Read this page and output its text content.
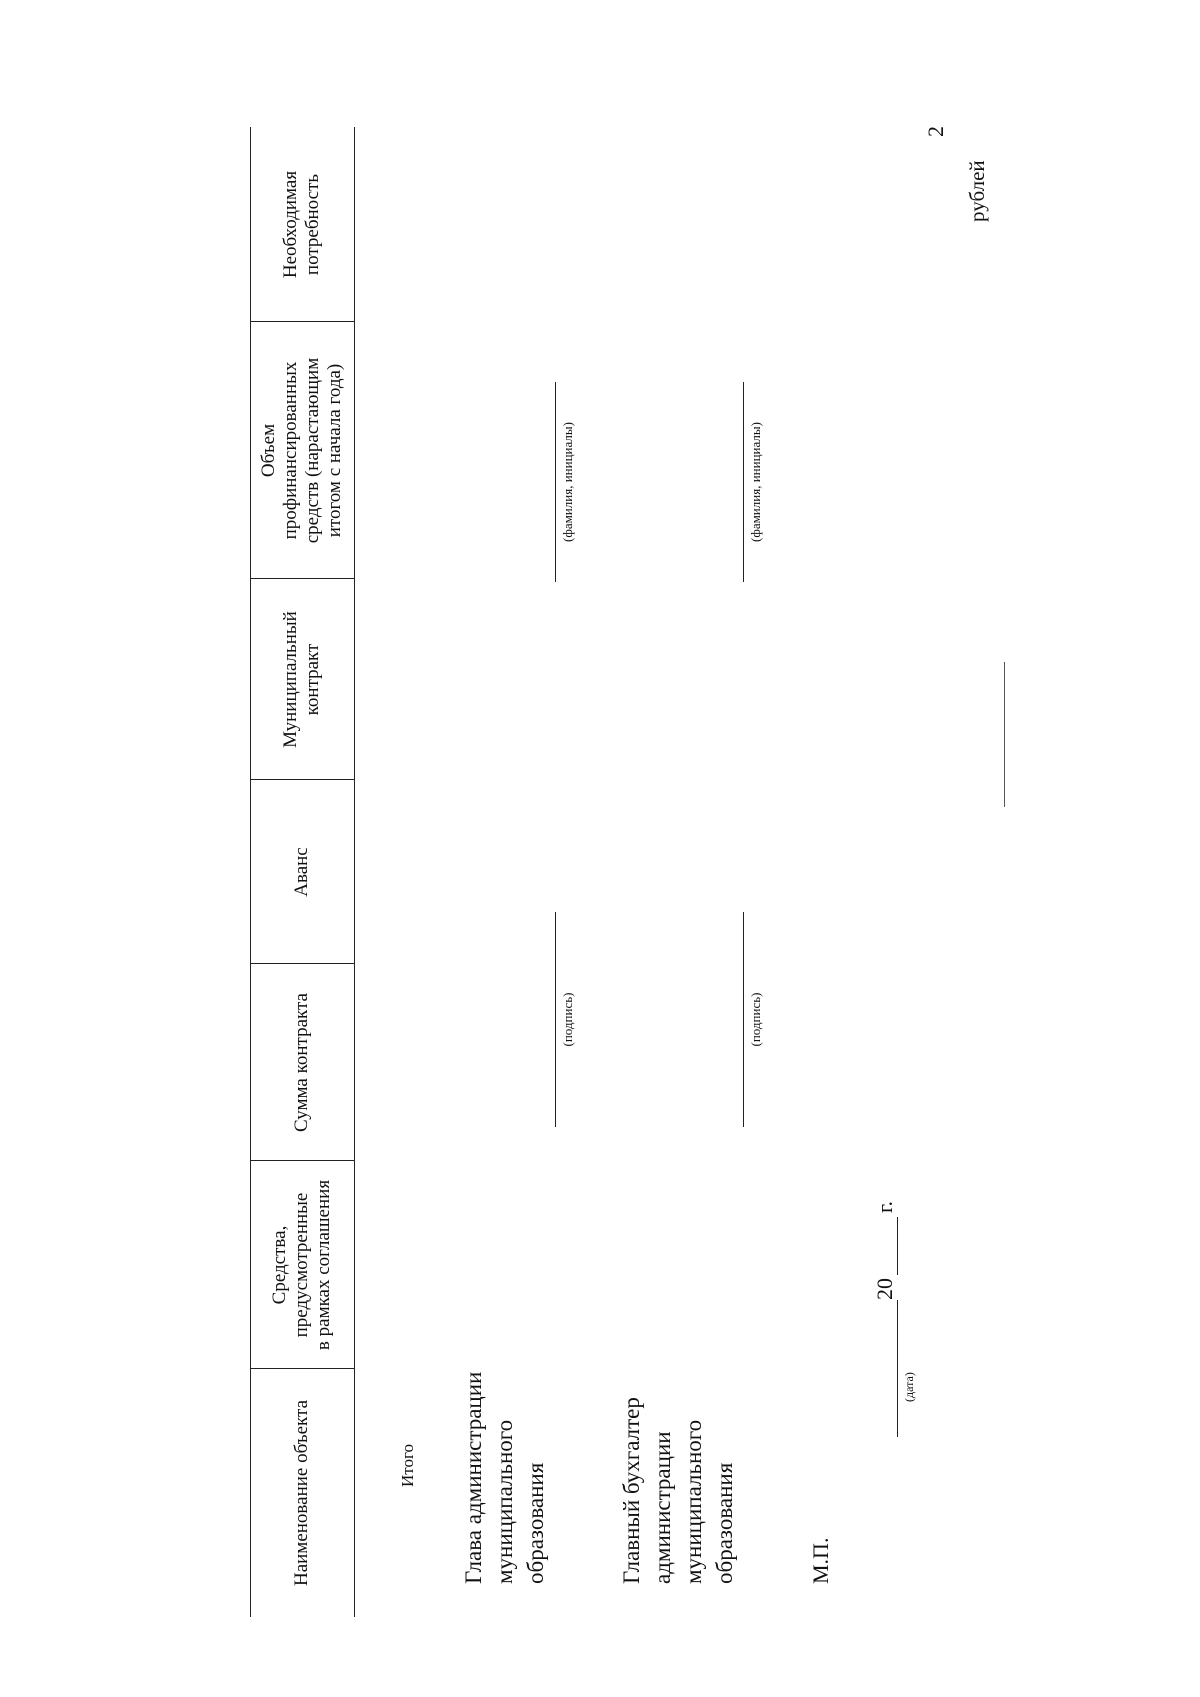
2
рублей
Наименование объекта
Средства,
предусмотренные
в рамках соглашения
Сумма контракта
Аванс
Муниципальный
контракт
Объем
профинансированных
средств (нарастающим
итогом с начала года)
Необходимая
потребность
Итого
Глава администрации
муниципального
образования
(подпись)
(фамилия, инициалы)
Главный бухгалтер
администрации
муниципального
образования
(подпись)
(фамилия, инициалы)
М.П.
(дата)
20
г.
